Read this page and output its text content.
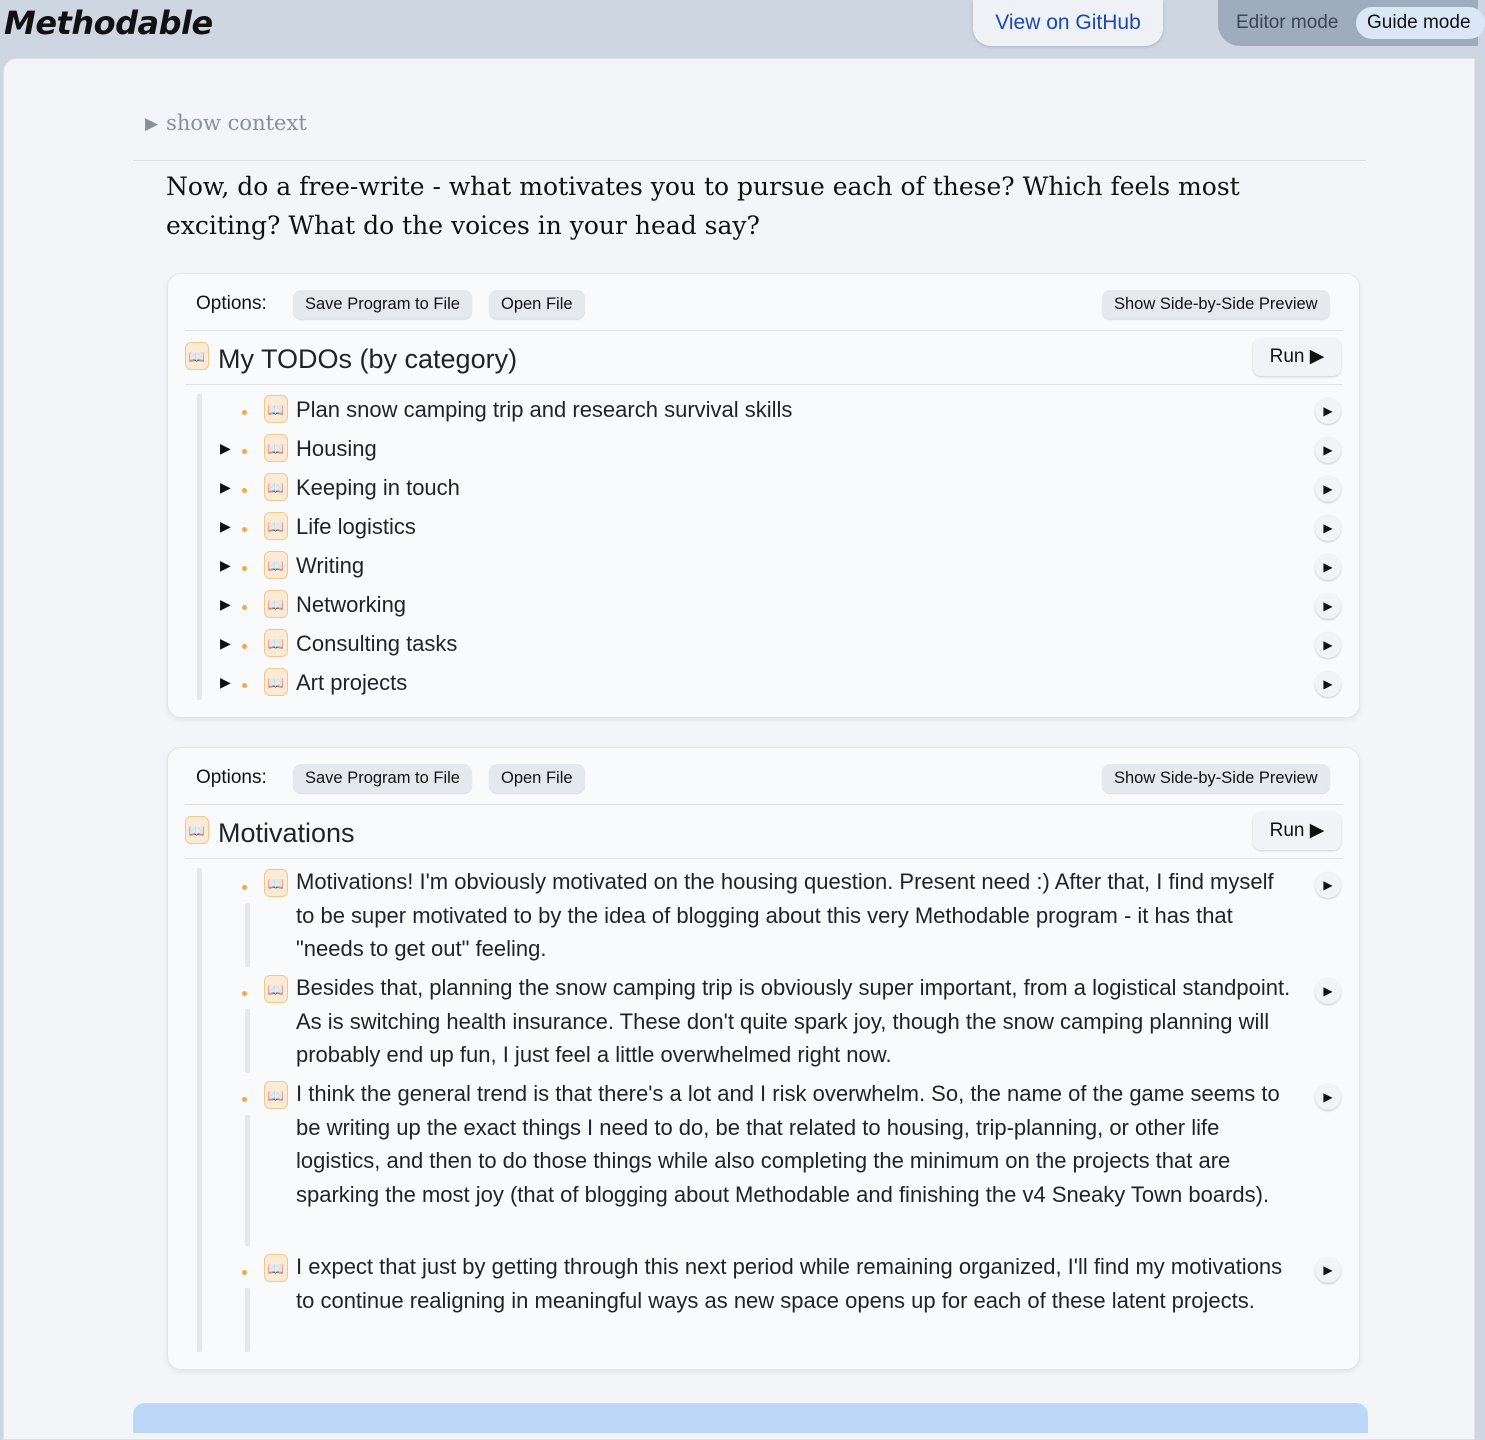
Methodable	View on GitHub	Editor mode	Guide mode
▶ show context
Now, do a free-write - what motivates you to pursue each of these? Which feels most exciting? What do the voices in your head say?
Options:	Save Program to File	Open File	Show Side-by-Side Preview
📖 My TODOs (by category)	Run ▶
📖 Plan snow camping trip and research survival skills	▶
▶	📖 Housing	▶
▶	📖 Keeping in touch	▶
▶	📖 Life logistics	▶
▶	📖 Writing	▶
▶	📖 Networking	▶
▶	📖 Consulting tasks	▶
▶	📖 Art projects	▶
Options:	Save Program to File	Open File	Show Side-by-Side Preview
📖 Motivations	Run ▶
📖 Motivations! I'm obviously motivated on the housing question. Present need :) After that, I find myself to be super motivated to by the idea of blogging about this very Methodable program - it has that "needs to get out" feeling.
▶
📖 Besides that, planning the snow camping trip is obviously super important, from a logistical standpoint. As is switching health insurance. These don't quite spark joy, though the snow camping planning will probably end up fun, I just feel a little overwhelmed right now.
▶
📖 I think the general trend is that there's a lot and I risk overwhelm. So, the name of the game seems to be writing up the exact things I need to do, be that related to housing, trip-planning, or other life logistics, and then to do those things while also completing the minimum on the projects that are sparking the most joy (that of blogging about Methodable and finishing the v4 Sneaky Town boards).
▶
📖 I expect that just by getting through this next period while remaining organized, I'll find my motivations to continue realigning in meaningful ways as new space opens up for each of these latent projects.
▶
